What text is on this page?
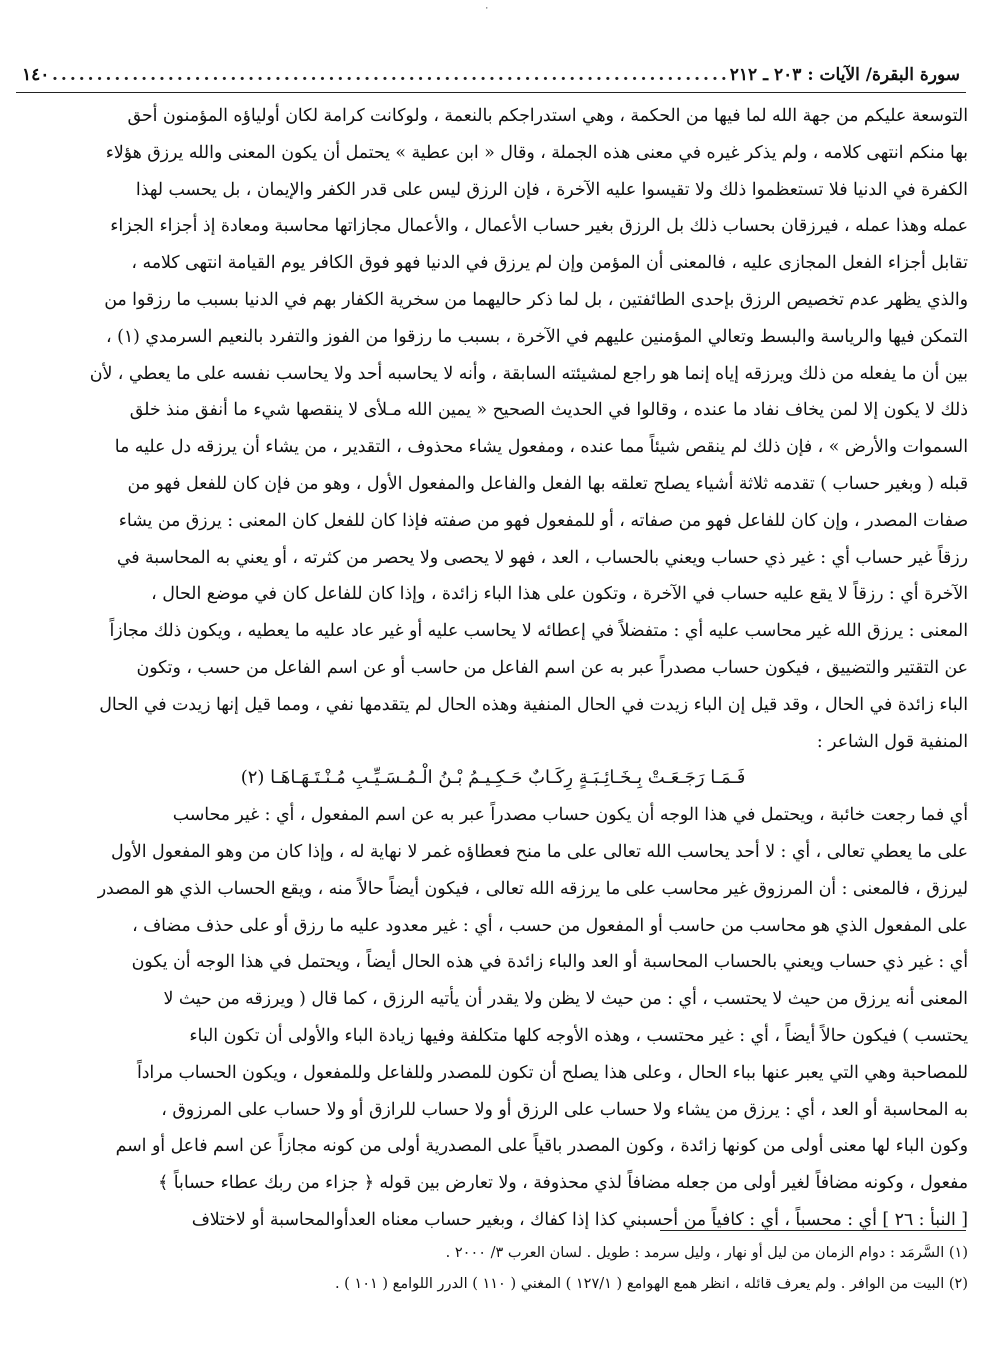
˙
سورة البقرة/ الآيات : ٢٠٣ ـ ٢١٢
.....
١٤٠
التوسعة عليكم من جهة الله لما فيها من الحكمة ، وهي استدراجكم بالنعمة ، ولوكانت كرامة لكان أولياؤه المؤمنون أحق
بها منكم انتهى كلامه ، ولم يذكر غيره في معنى هذه الجملة ، وقال « ابن عطية » يحتمل أن يكون المعنى والله يرزق هؤلاء
الكفرة في الدنيا فلا تستعظموا ذلك ولا تقيسوا عليه الآخرة ، فإن الرزق ليس على قدر الكفر والإيمان ، بل يحسب لهذا
عمله وهذا عمله ، فيرزقان بحساب ذلك بل الرزق بغير حساب الأعمال ، والأعمال مجازاتها محاسبة ومعادة إذ أجزاء الجزاء
تقابل أجزاء الفعل المجازى عليه ، فالمعنى أن المؤمن وإن لم يرزق في الدنيا فهو فوق الكافر يوم القيامة انتهى كلامه ،
والذي يظهر عدم تخصيص الرزق بإحدى الطائفتين ، بل لما ذكر حاليهما من سخرية الكفار بهم في الدنيا بسبب ما رزقوا من
التمكن فيها والرياسة والبسط وتعالي المؤمنين عليهم في الآخرة ، بسبب ما رزقوا من الفوز والتفرد بالنعيم السرمدي (١) ،
بين أن ما يفعله من ذلك ويرزقه إياه إنما هو راجع لمشيئته السابقة ، وأنه لا يحاسبه أحد ولا يحاسب نفسه على ما يعطي ، لأن
ذلك لا يكون إلا لمن يخاف نفاد ما عنده ، وقالوا في الحديث الصحيح « يمين الله مـلأى لا ينقصها شيء ما أنفق منذ خلق
السموات والأرض » ، فإن ذلك لم ينقص شيئاً مما عنده ، ومفعول يشاء محذوف ، التقدير ، من يشاء أن يرزقه دل عليه ما
قبله ( وبغير حساب ) تقدمه ثلاثة أشياء يصلح تعلقه بها الفعل والفاعل والمفعول الأول ، وهو من فإن كان للفعل فهو من
صفات المصدر ، وإن كان للفاعل فهو من صفاته ، أو للمفعول فهو من صفته فإذا كان للفعل كان المعنى : يرزق من يشاء
رزقاً غير حساب أي : غير ذي حساب ويعني بالحساب ، العد ، فهو لا يحصى ولا يحصر من كثرته ، أو يعني به المحاسبة في
الآخرة أي : رزقاً لا يقع عليه حساب في الآخرة ، وتكون على هذا الباء زائدة ، وإذا كان للفاعل كان في موضع الحال ،
المعنى : يرزق الله غير محاسب عليه أي : متفضلاً في إعطائه لا يحاسب عليه أو غير عاد عليه ما يعطيه ، ويكون ذلك مجازاً
عن التقتير والتضييق ، فيكون حساب مصدراً عبر به عن اسم الفاعل من حاسب أو عن اسم الفاعل من حسب ، وتكون
الباء زائدة في الحال ، وقد قيل إن الباء زيدت في الحال المنفية وهذه الحال لم يتقدمها نفي ، ومما قيل إنها زيدت في الحال
المنفية قول الشاعر :
فَـمَـا رَجَـعَـتْ بِـخَـائِـبَـةٍ رِكَـابٌ حَـكِـيـمُ بْـنُ الْـمُـسَـيِّـبِ مُـنْـتَـهَـاهَـا (٢)
أي فما رجعت خائبة ، ويحتمل في هذا الوجه أن يكون حساب مصدراً عبر به عن اسم المفعول ، أي : غير محاسب
على ما يعطي تعالى ، أي : لا أحد يحاسب الله تعالى على ما منح فعطاؤه غمر لا نهاية له ، وإذا كان من وهو المفعول الأول
ليرزق ، فالمعنى : أن المرزوق غير محاسب على ما يرزقه الله تعالى ، فيكون أيضاً حالاً منه ، ويقع الحساب الذي هو المصدر
على المفعول الذي هو محاسب من حاسب أو المفعول من حسب ، أي : غير معدود عليه ما رزق أو على حذف مضاف ،
أي : غير ذي حساب ويعني بالحساب المحاسبة أو العد والباء زائدة في هذه الحال أيضاً ، ويحتمل في هذا الوجه أن يكون
المعنى أنه يرزق من حيث لا يحتسب ، أي : من حيث لا يظن ولا يقدر أن يأتيه الرزق ، كما قال ( ويرزقه من حيث لا
يحتسب ) فيكون حالاً أيضاً ، أي : غير محتسب ، وهذه الأوجه كلها متكلفة وفيها زيادة الباء والأولى أن تكون الباء
للمصاحبة وهي التي يعبر عنها بباء الحال ، وعلى هذا يصلح أن تكون للمصدر وللفاعل وللمفعول ، ويكون الحساب مراداً
به المحاسبة أو العد ، أي : يرزق من يشاء ولا حساب على الرزق أو ولا حساب للرازق أو ولا حساب على المرزوق ،
وكون الباء لها معنى أولى من كونها زائدة ، وكون المصدر باقياً على المصدرية أولى من كونه مجازاً عن اسم فاعل أو اسم
مفعول ، وكونه مضافاً لغير أولى من جعله مضافاً لذي محذوفة ، ولا تعارض بين قوله ﴿ جزاء من ربك عطاء حساباً ﴾
[ النبأ : ٢٦ ] أي : محسباً ، أي : كافياً من أحسبني كذا إذا كفاك ، وبغير حساب معناه العدأوالمحاسبة أو لاختلاف
(١) السَّرمَد : دوام الزمان من ليل أو نهار ، وليل سرمد : طويل . لسان العرب ٣/ ٢٠٠٠ .
(٢) البيت من الوافر . ولم يعرف قائله ، انظر همع الهوامع ( ١٢٧/١ ) المغني ( ١١٠ ) الدرر اللوامع ( ١٠١ ) .
